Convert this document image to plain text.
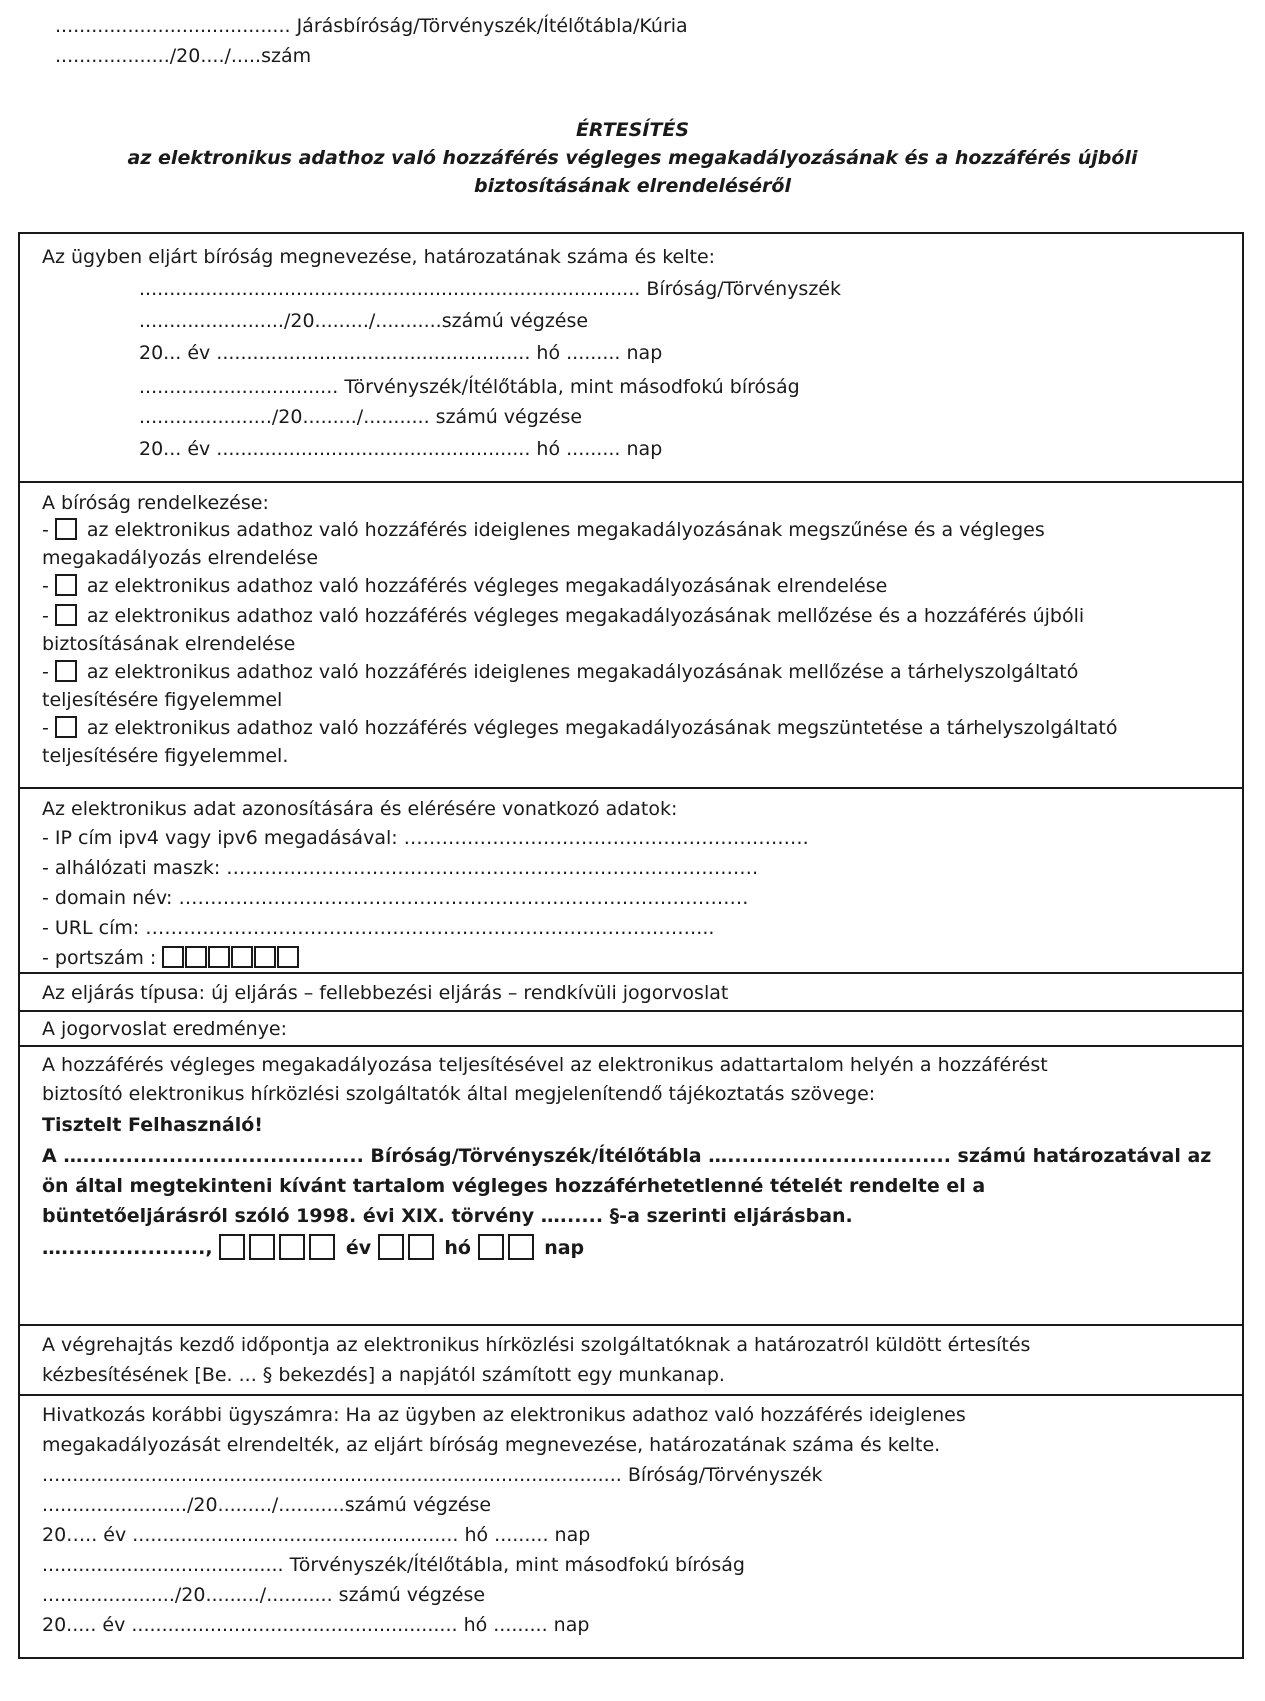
....................................... Járásbíróság/Törvényszék/Ítélőtábla/Kúria
.................../20..../.....szám
ÉRTESÍTÉS
az elektronikus adathoz való hozzáférés végleges megakadályozásának és a hozzáférés újbóli
biztosításának elrendeléséről
Az ügyben eljárt bíróság megnevezése, határozatának száma és kelte:
................................................................................... Bíróság/Törvényszék
......................../20........./...........számú végzése
20... év .................................................... hó ......... nap
................................. Törvényszék/Ítélőtábla, mint másodfokú bíróság
....................../20........./........... számú végzése
20... év .................................................... hó ......... nap
A bíróság rendelkezése:
- az elektronikus adathoz való hozzáférés ideiglenes megakadályozásának megszűnése és a végleges
megakadályozás elrendelése
- az elektronikus adathoz való hozzáférés végleges megakadályozásának elrendelése
- az elektronikus adathoz való hozzáférés végleges megakadályozásának mellőzése és a hozzáférés újbóli
biztosításának elrendelése
- az elektronikus adathoz való hozzáférés ideiglenes megakadályozásának mellőzése a tárhelyszolgáltató
teljesítésére figyelemmel
- az elektronikus adathoz való hozzáférés végleges megakadályozásának megszüntetése a tárhelyszolgáltató
teljesítésére figyelemmel.
Az elektronikus adat azonosítására és elérésére vonatkozó adatok:
- IP cím ipv4 vagy ipv6 megadásával: ……………………………………………………….
- alhálózati maszk: …………………………………………………………………………
- domain név: ………………………………………………………………………………
- URL cím: ……………………………………………………………………………...
- portszám :
Az eljárás típusa: új eljárás – fellebbezési eljárás – rendkívüli jogorvoslat
A jogorvoslat eredménye:
A hozzáférés végleges megakadályozása teljesítésével az elektronikus adattartalom helyén a hozzáférést
biztosító elektronikus hírközlési szolgáltatók által megjelenítendő tájékoztatás szövege:
Tisztelt Felhasználó!
A …....................................... Bíróság/Törvényszék/Ítélőtábla …............................... számú határozatával az
ön által megtekinteni kívánt tartalom végleges hozzáférhetetlenné tételét rendelte el a
büntetőeljárásról szóló 1998. évi XIX. törvény …...... §-a szerinti eljárásban.
…....................,	év	hó	nap
A végrehajtás kezdő időpontja az elektronikus hírközlési szolgáltatóknak a határozatról küldött értesítés
kézbesítésének [Be. ... § bekezdés] a napjától számított egy munkanap.
Hivatkozás korábbi ügyszámra: Ha az ügyben az elektronikus adathoz való hozzáférés ideiglenes
megakadályozását elrendelték, az eljárt bíróság megnevezése, határozatának száma és kelte.
................................................................................................ Bíróság/Törvényszék
......................../20........./...........számú végzése
20….. év ...................................................... hó ......... nap
........................................ Törvényszék/Ítélőtábla, mint másodfokú bíróság
....................../20........./........... számú végzése
20..... év ...................................................... hó ......... nap
